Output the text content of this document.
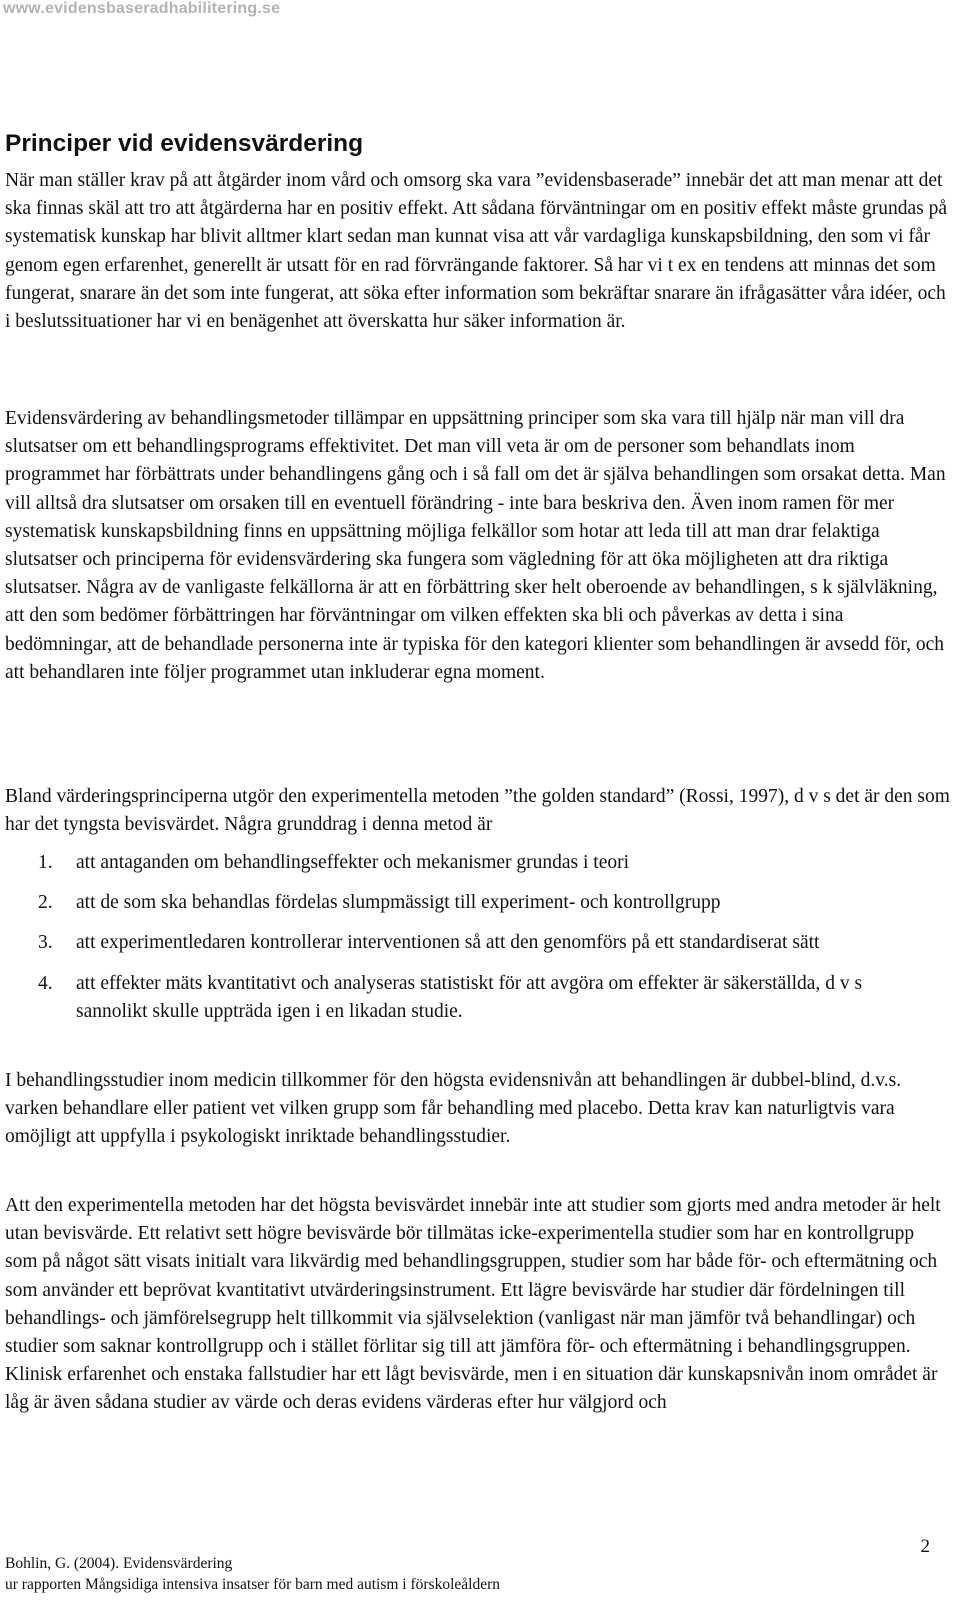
www.evidensbaseradhabilitering.se
Principer vid evidensvärdering

När man ställer krav på att åtgärder inom vård och omsorg ska vara ”evidensbaserade” innebär det att man menar att det ska finnas skäl att tro att åtgärderna har en positiv effekt. Att sådana förväntningar om en positiv effekt måste grundas på systematisk kunskap har blivit alltmer klart sedan man kunnat visa att vår vardagliga kunskapsbildning, den som vi får genom egen erfarenhet, generellt är utsatt för en rad förvrängande faktorer. Så har vi t ex en tendens att minnas det som fungerat, snarare än det som inte fungerat, att söka efter information som bekräftar snarare än ifrågasätter våra idéer, och i beslutssituationer har vi en benägenhet att överskatta hur säker information är.

Evidensvärdering av behandlingsmetoder tillämpar en uppsättning principer som ska vara till hjälp när man vill dra slutsatser om ett behandlingsprograms effektivitet. Det man vill veta är om de personer som behandlats inom programmet har förbättrats under behandlingens gång och i så fall om det är själva behandlingen som orsakat detta. Man vill alltså dra slutsatser om orsaken till en eventuell förändring - inte bara beskriva den. Även inom ramen för mer systematisk kunskapsbildning finns en uppsättning möjliga felkällor som hotar att leda till att man drar felaktiga slutsatser och principerna för evidensvärdering ska fungera som vägledning för att öka möjligheten att dra riktiga slutsatser. Några av de vanligaste felkällorna är att en förbättring sker helt oberoende av behandlingen, s k självläkning, att den som bedömer förbättringen har förväntningar om vilken effekten ska bli och påverkas av detta i sina bedömningar, att de behandlade personerna inte är typiska för den kategori klienter som behandlingen är avsedd för, och att behandlaren inte följer programmet utan inkluderar egna moment.

Bland värderingsprinciperna utgör den experimentella metoden ”the golden standard” (Rossi, 1997), d v s det är den som har det tyngsta bevisvärdet. Några grunddrag i denna metod är

1. att antaganden om behandlingseffekter och mekanismer grundas i teori
2. att de som ska behandlas fördelas slumpmässigt till experiment- och kontrollgrupp
3. att experimentledaren kontrollerar interventionen så att den genomförs på ett standardiserat sätt
4. att effekter mäts kvantitativt och analyseras statistiskt för att avgöra om effekter är säkerställda, d v s sannolikt skulle uppträda igen i en likadan studie.

I behandlingsstudier inom medicin tillkommer för den högsta evidensnivån att behandlingen är dubbel-blind, d.v.s. varken behandlare eller patient vet vilken grupp som får behandling med placebo. Detta krav kan naturligtvis vara omöjligt att uppfylla i psykologiskt inriktade behandlingsstudier.

Att den experimentella metoden har det högsta bevisvärdet innebär inte att studier som gjorts med andra metoder är helt utan bevisvärde. Ett relativt sett högre bevisvärde bör tillmätas icke-experimentella studier som har en kontrollgrupp som på något sätt visats initialt vara likvärdig med behandlingsgruppen, studier som har både för- och eftermätning och som använder ett beprövat kvantitativt utvärderingsinstrument. Ett lägre bevisvärde har studier där fördelningen till behandlings- och jämförelsegrupp helt tillkommit via självselektion (vanligast när man jämför två behandlingar) och studier som saknar kontrollgrupp och i stället förlitar sig till att jämföra för- och eftermätning i behandlingsgruppen. Klinisk erfarenhet och enstaka fallstudier har ett lågt bevisvärde, men i en situation där kunskapsnivån inom området är låg är även sådana studier av värde och deras evidens värderas efter hur välgjord och

Bohlin, G. (2004). Evidensvärdering
ur rapporten Mångsidiga intensiva insatser för barn med autism i förskoleåldern
2
